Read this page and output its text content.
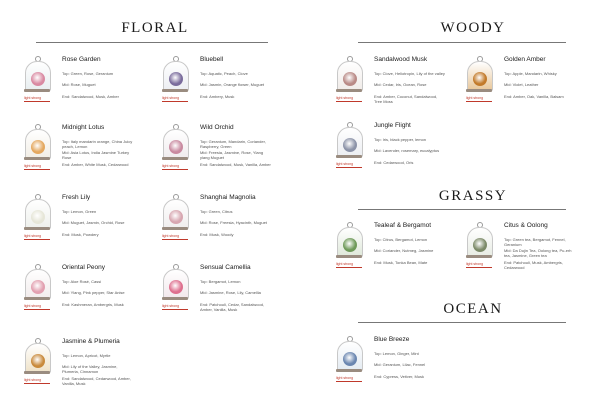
FLORAL	WOODY
GRASSY
OCEAN
light strong
Rose Garden

Top: Green, Rose, Geranium

Mid: Rose, Muguet

End: Sandalwood, Musk, Amber	light strong
Bluebell

Top: Aquatic, Peach, Clove

Mid: Jasmin, Orange flower, Muguet

End: Ambery, Musk

light strong
Midnight Lotus

Top: Italy mandarin orange, China Juicy peach, Lemon

Mid: Asia Lotus, India Jasmine Turkey Rose

End: Amber, White Musk, Cedarwood	light strong
Wild Orchid

Top: Geranium, Mandarin, Coriander, Raspberry, Green

Mid: Freesia, Jasmine, Rose, Ylang ylang Muguet

End: Sandalwood, Musk, Vanilla, Amber

light strong
Fresh Lily

Top: Lemon, Green

Mid: Muguet, Jasmin, Orchid, Rose

End: Musk, Powdery	light strong
Shanghai Magnolia

Top: Green, Citrus

Mid: Rose, Freesia, Hyacinth, Muguet

End: Musk, Woody

light strong
Oriental Peony

Top: Aloe Rosé, Cassi

Mid: Ylang, Pink pepper, Star Anise

End: Kashmeran, Ambergris, Musk	light strong
Sensual Camellia

Top: Bergamot, Lemon

Mid: Jasmine, Rose, Lily, Camellia

End: Patchouli, Cedar, Sandalwood, Amber, Vanilla, Musk

light strong
Jasmine & Plumeria

Top: Lemon, Apricot, Myrtle

Mid: Lily of the Valley, Jasmine, Plumeria, Cinnamon

End: Sandalwood, Cedarwood, Amber, Vanilla, Musk

light strong
Sandalwood Musk

Top: Clove, Heliotropin, Lily of the valley

Mid: Cedar, Iris, Ocean, Rose

End: Amber, Coconut, Sandalwood, Tree Moss

light strong
Golden Amber

Top: Apple, Mandarin, Whisky

Mid: Violet, Leather

End: Amber, Oak, Vanilla, Balsam

light strong
Jungle Flight

Top: Iris, black pepper, lemon

Mid: Lavender, rosemary, eucalyptus

End: Cedarwood, Oris

light strong
Tealeaf & Bergamot

Top: Citrus, Bergamot, Lemon

Mid: Coriander, Nutmeg, Jasmine

End: Musk, Tonka Bean, Mate	light strong
Citus & Oolong

Top: Green tea, Bergamot, Fennel, Geranium

Mid: Da Dujin Tea, Oolong tea, Pu-erh tea, Jasmine, Green tea

End: Patchouli, Musk, Ambergris, Cedarwood

light strong
Blue Breeze

Top: Lemon, Ginger, Mint

Mid: Geranium, Lilac, Fennel

End: Cypress, Vetiver, Musk
